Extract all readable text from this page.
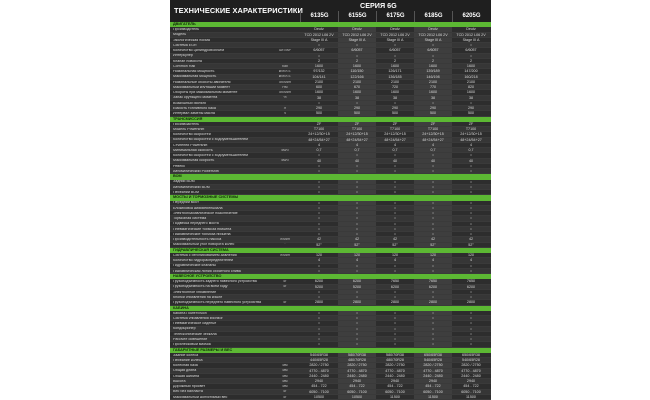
ТЕХНИЧЕСКИЕ ХАРАКТЕРИСТИКИ
СЕРИЯ 6G
6135G	6155G	6175G	6185G	6205G
ДВИГАТЕЛЬ
Производитель	Deutz	Deutz	Deutz	Deutz	Deutz
Модель	TCD 2012 L06 2V	TCD 2012 L06 2V	TCD 2012 L06 2V	TCD 2012 L06 2V	TCD 2012 L06 2V
Экологическая норма	Stage III A	Stage III A	Stage III A	Stage III A	Stage III A
Система EGR	•	•	•	•	•
Количество цилиндров/объем	шт./см³	6/6057	6/6057	6/6057	6/6057	6/6057
Интеркулер	•	•	•	•	•
Клапан поворота	2	2	2	2	2
Common Rail	бар	1600	1600	1600	1600	1600
Номинальная мощность	кВт/л.с.	97/132	110/150	126/171	139/189	147/200
Максимальная мощность	кВт/л.с.	104/141	122/166	136/185	146/198	160/218
Номинальные обороты двигателя	об/мин	2100	2100	2100	2100	2100
Максимальный крутящий момент	Нм	600	670	720	770	820
Обороты при максимальном моменте	об/мин	1600	1600	1600	1600	1600
Запас крутящего момента	%	38	38	38	38	38
Воздушный фильтр	•	•	•	•	•
Емкость топливного бака	л	290	290	290	290	290
Интервал замены масла	ч	500	500	500	500	500
ТРАНСМИССИЯ
Производитель	ZF	ZF	ZF	ZF	ZF
Модель Powershift	T7100	T7100	T7100	T7100	T7100
Количество скоростей	24+12/30+15	24+12/30+15	24+12/30+15	24+12/30+15	24+12/30+15
Количество скоростей с ходоуменьшителем	48+24/54+27	48+24/54+27	48+24/54+27	48+24/54+27	48+24/54+27
Ступеней Powershift	4	4	4	4	4
Минимальная скорость	км/ч	0,7	0,7	0,7	0,7	0,7
Количество скоростей с ходоуменьшителем	•	•	•	•	•
Максимальная скорость	км/ч	40	40	40	40	40
Реверс	•	•	•	•	•
Автоматический Powershift	•	•	•	•	•
ВОМ
Задний ВОМ	•	•	•	•	•
Автоматический ВОМ	•	•	•	•	•
Передний ВОМ	○	○	○	○	○
МОСТЫ И ТОРМОЗНЫЕ СИСТЕМЫ
Передний мост	•	•	•	•	•
Блокировка дифференциала	•	•	•	•	•
Электрогидравлическое подключение	•	•	•	•	•
Тормозная система	•	•	•	•	•
Подвеска переднего моста	○	○	○	○	○
Пневматические тормоза прицепа	○	○	○	○	○
Гидравлические тормоза прицепа	○	○	○	○	○
Производительность насоса	л/мин	42	42	42	42	42
Максимальный угол поворота колес	°	52°	52°	52°	52°	52°
ГИДРАВЛИЧЕСКАЯ СИСТЕМА
Система с регулированием давления	л/мин	120	120	120	120	120
Количество гидрораспределителей	4	4	4	4	4
Гидравлические клапаны	○	○	○	○	○
Гидравлическая линия обратного слива	•	•	•	•	•
НАВЕСНОЕ УСТРОЙСТВО
Грузоподъемность заднего навесного устройства	кг	6200	6200	7650	7650	7650
Грузоподъемность на всем ходу	кг	5200	5200	6200	6200	6200
Электронное управление	•	•	•	•	•
Кнопки управления на крыле	•	•	•	•	•
Грузоподъемность переднего навесного устройства	кг	2800	2800	2800	2800	2800
КАБИНА
Кабина ПowerVision	•	•	•	•	•
Система управления iMonitor	○	○	○	○	○
Пневматическое сиденье	•	•	•	•	•
Кондиционер	•	•	•	•	•
Телескопические зеркала	•	•	•	•	•
Рабочее освещение	•	•	•	•	•
Проблесковый маячок	•	•	•	•	•
ГАБАРИТНЫЕ РАЗМЕРЫ И ВЕС
Задние колеса	540/65R38	580/70R38	580/70R38	650/65R38	650/65R38
Передние колеса	440/65R28	480/70R28	480/70R28	540/65R28	540/65R28
Колесная база	мм	2820 / 2750	2820 / 2750	2820 / 2750	2820 / 2750	2820 / 2750
Общая длина	мм	4770 - 4870	4770 - 4870	4770 - 4870	4770 - 4870	4770 - 4870
Общая ширина	мм	2440 - 2480	2440 - 2480	2440 - 2480	2440 - 2480	2440 - 2480
Высота	мм	2940	2940	2940	2940	2940
Дорожный просвет	мм	454 - 722	454 - 722	454 - 722	454 - 722	454 - 722
Вес без балласта	кг	6050 - 7100	6050 - 7100	6050 - 7100	6050 - 7100	6050 - 7100
Максимальный допустимый вес	кг	10500	10500	11500	11500	11500
